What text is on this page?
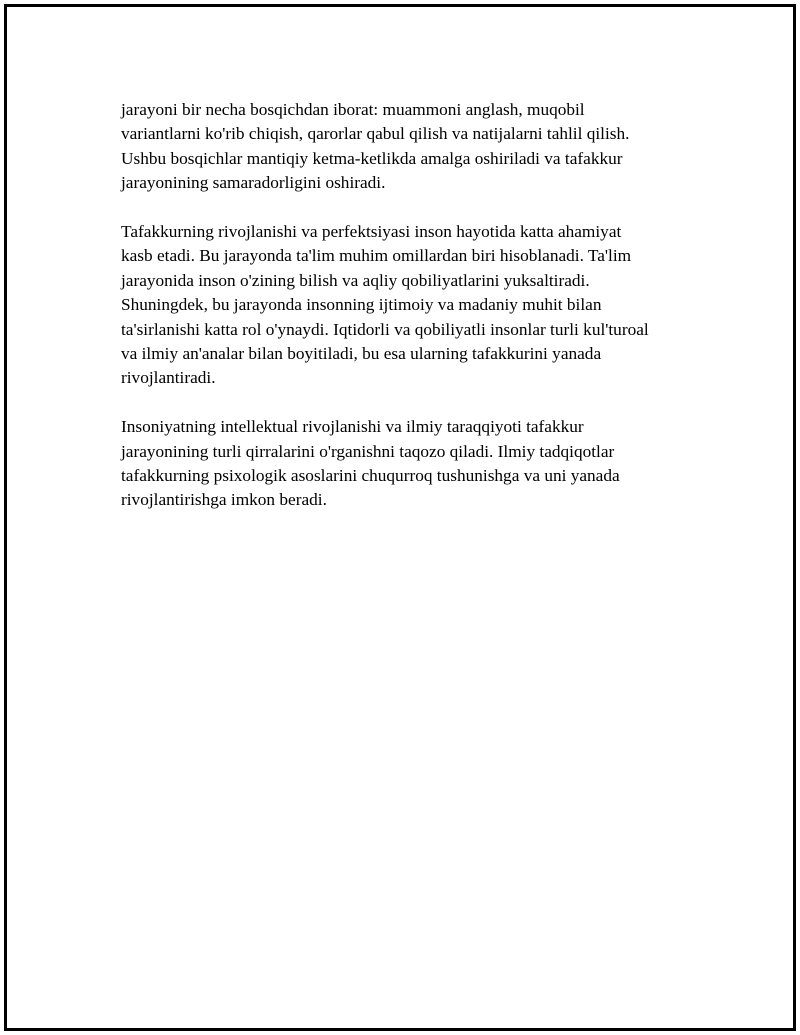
jarayoni bir necha bosqichdan iborat: muammoni anglash, muqobil
variantlarni ko'rib chiqish, qarorlar qabul qilish va natijalarni tahlil qilish.
Ushbu bosqichlar mantiqiy ketma-ketlikda amalga oshiriladi va tafakkur
jarayonining samaradorligini oshiradi.

Tafakkurning rivojlanishi va perfektsiyasi inson hayotida katta ahamiyat
kasb etadi. Bu jarayonda ta'lim muhim omillardan biri hisoblanadi. Ta'lim
jarayonida inson o'zining bilish va aqliy qobiliyatlarini yuksaltiradi.
Shuningdek, bu jarayonda insonning ijtimoiy va madaniy muhit bilan
ta'sirlanishi katta rol o'ynaydi. Iqtidorli va qobiliyatli insonlar turli kul'turoal
va ilmiy an'analar bilan boyitiladi, bu esa ularning tafakkurini yanada
rivojlantiradi.

Insoniyatning intellektual rivojlanishi va ilmiy taraqqiyoti tafakkur
jarayonining turli qirralarini o'rganishni taqozo qiladi. Ilmiy tadqiqotlar
tafakkurning psixologik asoslarini chuqurroq tushunishga va uni yanada
rivojlantirishga imkon beradi.
